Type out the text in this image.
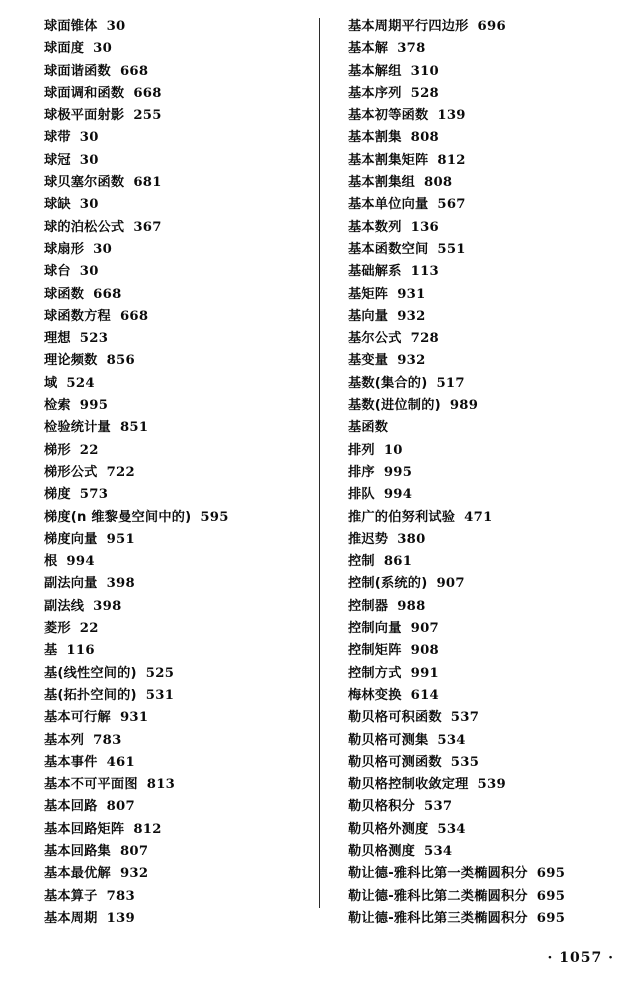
球面锥体 30
球面度 30
球面谐函数 668
球面调和函数 668
球极平面射影 255
球带 30
球冠 30
球贝塞尔函数 681
球缺 30
球的泊松公式 367
球扇形 30
球台 30
球函数 668
球函数方程 668
理想 523
理论频数 856
域 524
检索 995
检验统计量 851
梯形 22
梯形公式 722
梯度 573
梯度(n 维黎曼空间中的) 595
梯度向量 951
根 994
副法向量 398
副法线 398
菱形 22
基 116
基(线性空间的) 525
基(拓扑空间的) 531
基本可行解 931
基本列 783
基本事件 461
基本不可平面图 813
基本回路 807
基本回路矩阵 812
基本回路集 807
基本最优解 932
基本算子 783
基本周期 139
基本周期平行四边形 696
基本解 378
基本解组 310
基本序列 528
基本初等函数 139
基本割集 808
基本割集矩阵 812
基本割集组 808
基本单位向量 567
基本数列 136
基本函数空间 551
基础解系 113
基矩阵 931
基向量 932
基尔公式 728
基变量 932
基数(集合的) 517
基数(进位制的) 989
基函数
排列 10
排序 995
排队 994
推广的伯努利试验 471
推迟势 380
控制 861
控制(系统的) 907
控制器 988
控制向量 907
控制矩阵 908
控制方式 991
梅林变换 614
勒贝格可积函数 537
勒贝格可测集 534
勒贝格可测函数 535
勒贝格控制收敛定理 539
勒贝格积分 537
勒贝格外测度 534
勒贝格测度 534
勒让德-雅科比第一类椭圆积分 695
勒让德-雅科比第二类椭圆积分 695
勒让德-雅科比第三类椭圆积分 695
· 1057 ·
